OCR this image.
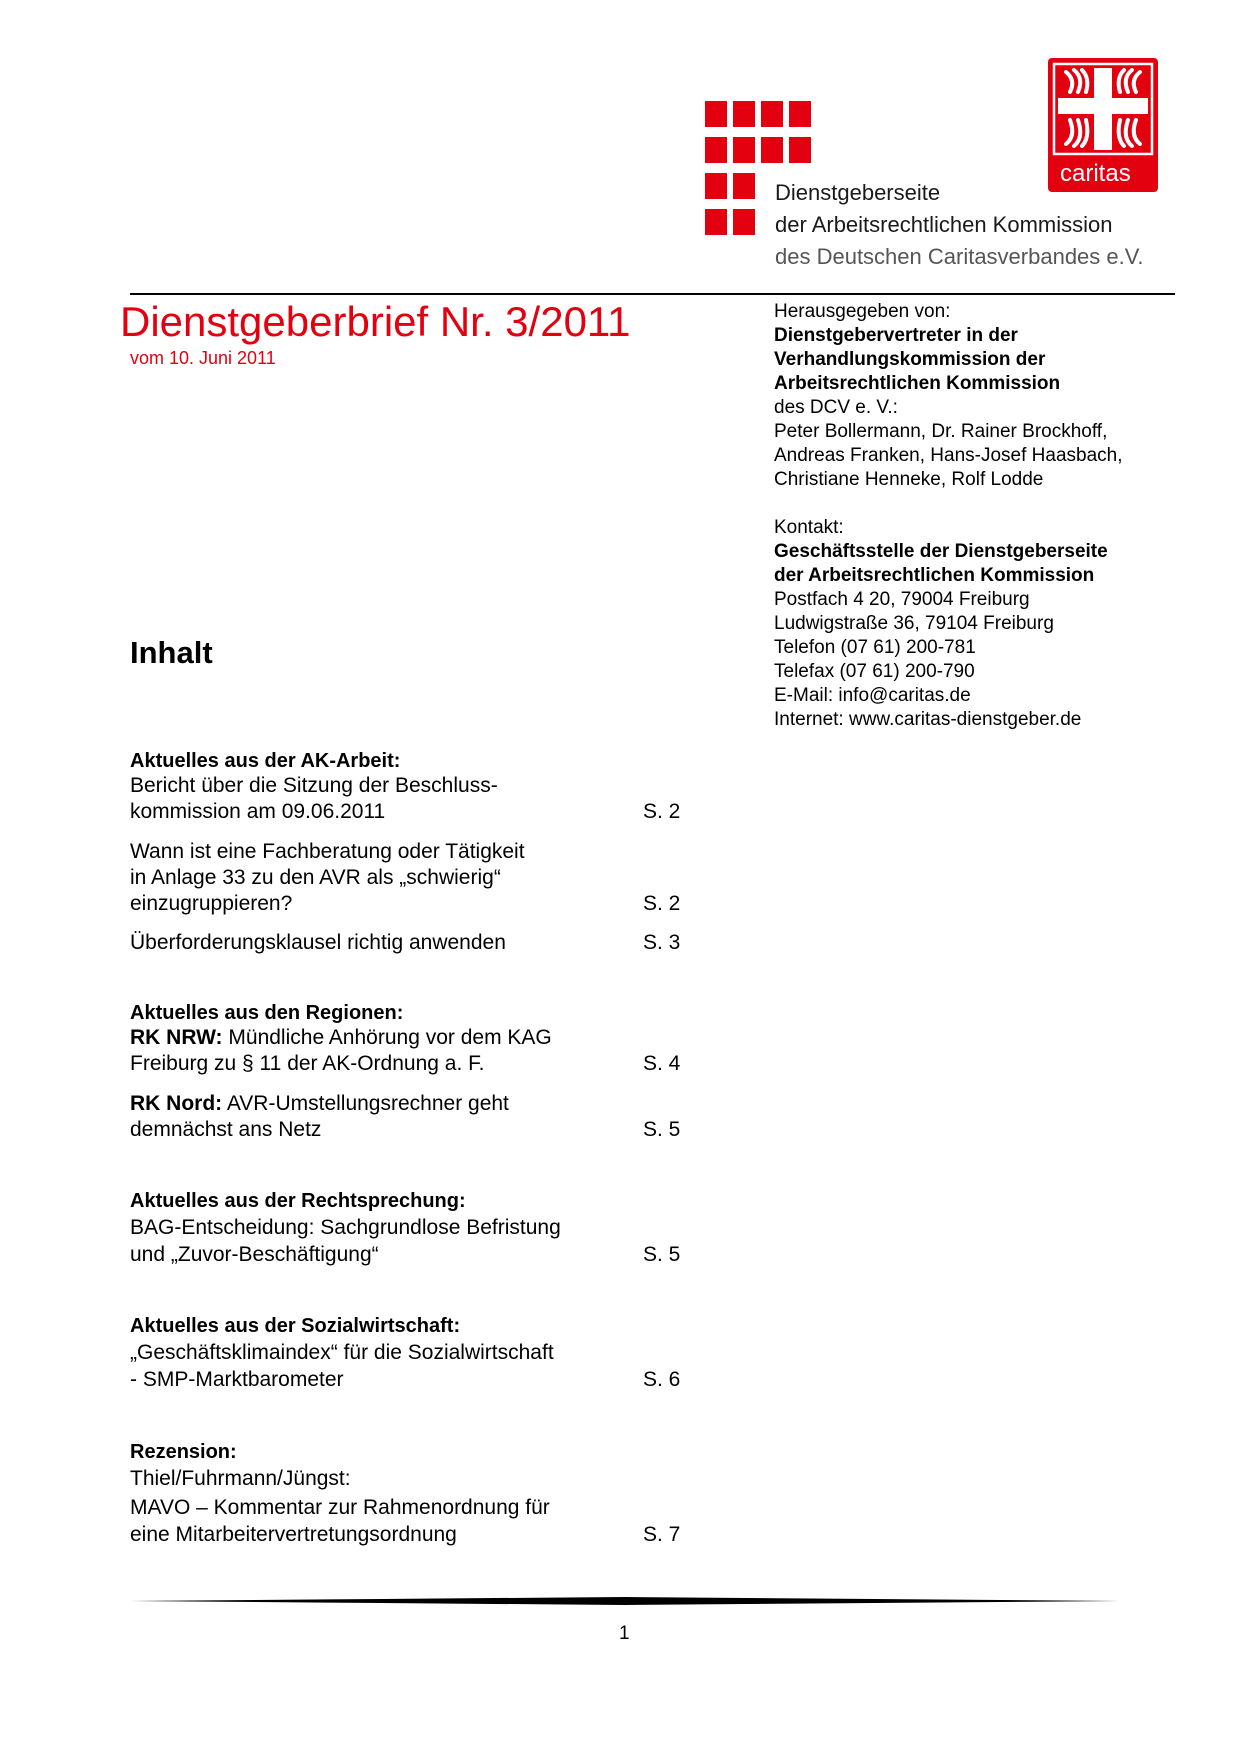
Dienstgeberseite
der Arbeitsrechtlichen Kommission
des Deutschen Caritasverbandes e.V.
caritas
Dienstgeberbrief Nr. 3/2011
vom 10. Juni 2011
Herausgegeben von:
Dienstgebervertreter in der
Verhandlungskommission der
Arbeitsrechtlichen Kommission
des DCV e. V.:
Peter Bollermann, Dr. Rainer Brockhoff,
Andreas Franken, Hans-Josef Haasbach,
Christiane Henneke, Rolf Lodde
Kontakt:
Geschäftsstelle der Dienstgeberseite
der Arbeitsrechtlichen Kommission
Postfach 4 20, 79004 Freiburg
Ludwigstraße 36, 79104 Freiburg
Telefon (07 61) 200-781
Telefax (07 61) 200-790
E-Mail: info@caritas.de
Internet: www.caritas-dienstgeber.de
Inhalt
Aktuelles aus der AK-Arbeit:
Bericht über die Sitzung der Beschluss-
kommission am 09.06.2011	S. 2
Wann ist eine Fachberatung oder Tätigkeit
in Anlage 33 zu den AVR als „schwierig“
einzugruppieren?	S. 2
Überforderungsklausel richtig anwenden	S. 3
Aktuelles aus den Regionen:
RK NRW: Mündliche Anhörung vor dem KAG
Freiburg zu § 11 der AK-Ordnung a. F.	S. 4
RK Nord: AVR-Umstellungsrechner geht
demnächst ans Netz	S. 5
Aktuelles aus der Rechtsprechung:
BAG-Entscheidung: Sachgrundlose Befristung
und „Zuvor-Beschäftigung“	S. 5
Aktuelles aus der Sozialwirtschaft:
„Geschäftsklimaindex“ für die Sozialwirtschaft
- SMP-Marktbarometer	S. 6
Rezension:
Thiel/Fuhrmann/Jüngst:
MAVO – Kommentar zur Rahmenordnung für
eine Mitarbeitervertretungsordnung	S. 7
1
